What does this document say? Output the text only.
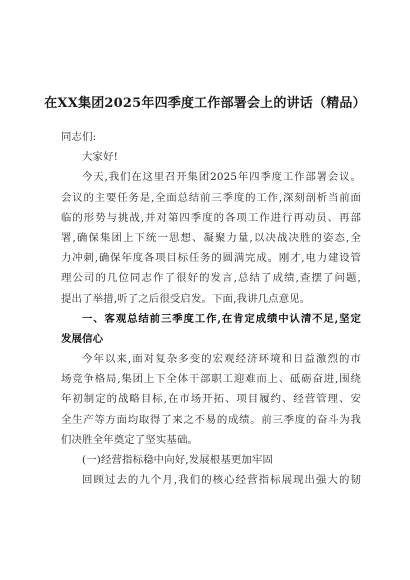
在XX集团2025年四季度工作部署会上的讲话（精品）
同志们:
大家好!
今天,我们在这里召开集团2025年四季度工作部署会议。
会议的主要任务是,全面总结前三季度的工作,深刻剖析当前面
临的形势与挑战,并对第四季度的各项工作进行再动员、再部
署,确保集团上下统一思想、凝聚力量,以决战决胜的姿态,全
力冲刺,确保年度各项目标任务的圆满完成。刚才,电力建设管
理公司的几位同志作了很好的发言,总结了成绩,查摆了问题,
提出了举措,听了之后很受启发。下面,我讲几点意见。
一、客观总结前三季度工作,在肯定成绩中认清不足,坚定
发展信心
今年以来,面对复杂多变的宏观经济环境和日益激烈的市
场竞争格局,集团上下全体干部职工迎难而上、砥砺奋进,围绕
年初制定的战略目标,在市场开拓、项目履约、经营管理、安
全生产等方面均取得了来之不易的成绩。前三季度的奋斗为我
们决胜全年奠定了坚实基础。
(一)经营指标稳中向好,发展根基更加牢固
回顾过去的九个月,我们的核心经营指标展现出强大的韧
